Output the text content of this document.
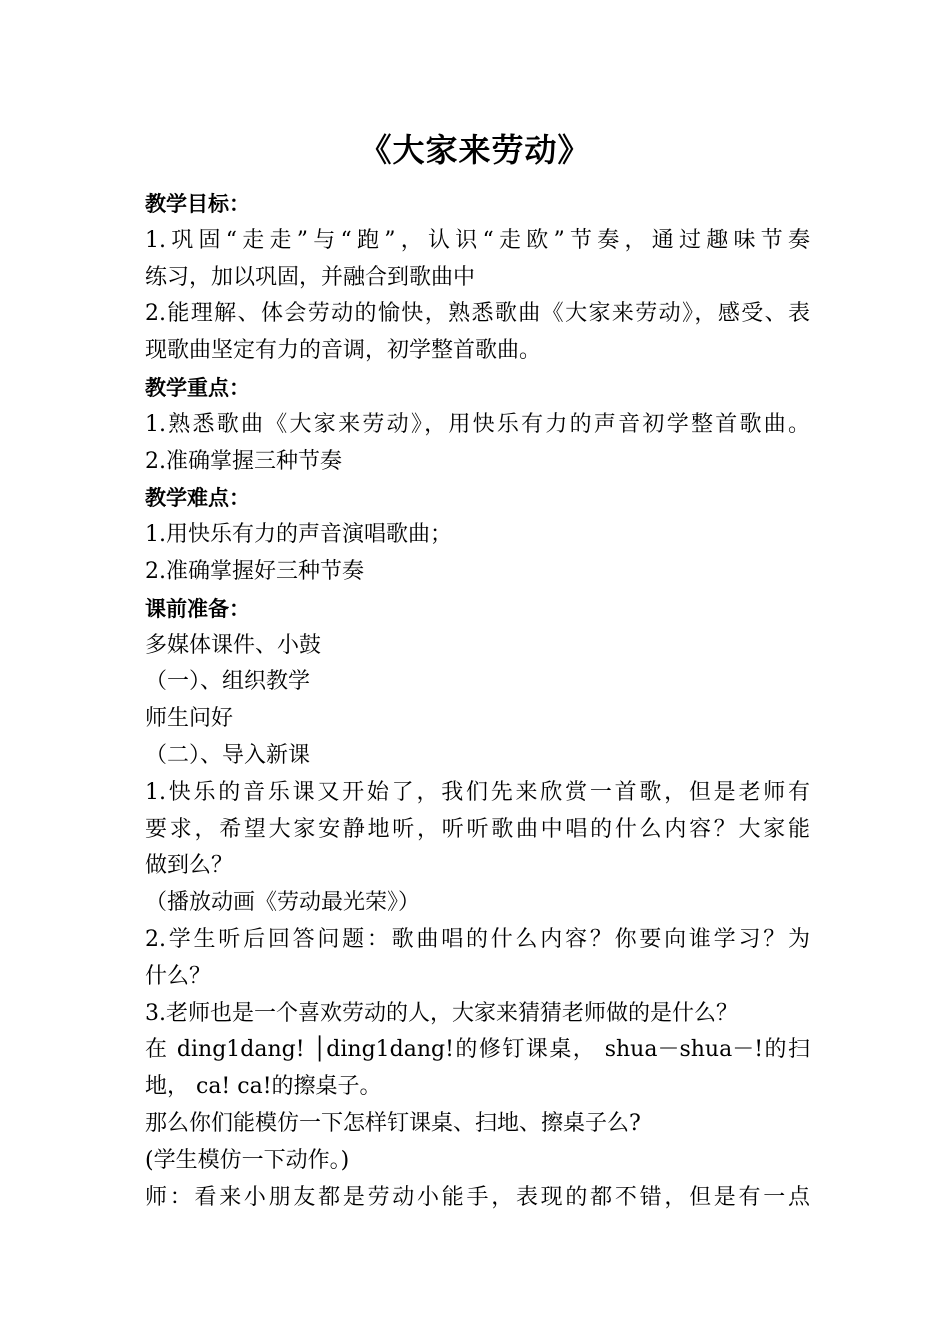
《大家来劳动》
教学目标：
1.巩固“走走”与“跑”，认识“走欧”节奏，通过趣味节奏
练习，加以巩固，并融合到歌曲中
2.能理解、体会劳动的愉快，熟悉歌曲《大家来劳动》，感受、表
现歌曲坚定有力的音调，初学整首歌曲。
教学重点：
1.熟悉歌曲《大家来劳动》，用快乐有力的声音初学整首歌曲。
2.准确掌握三种节奏
教学难点：
1.用快乐有力的声音演唱歌曲；
2.准确掌握好三种节奏
课前准备：
多媒体课件、小鼓
（一）、组织教学
师生问好
（二）、导入新课
1.快乐的音乐课又开始了，我们先来欣赏一首歌，但是老师有
要求，希望大家安静地听，听听歌曲中唱的什么内容？大家能
做到么？
（播放动画《劳动最光荣》）
2.学生听后回答问题：歌曲唱的什么内容？你要向谁学习？为
什么？
3.老师也是一个喜欢劳动的人，大家来猜猜老师做的是什么？
在 ding1dang! │ding1dang!的修钉课桌， shua－shua－!的扫
地， ca! ca!的擦桌子。
那么你们能模仿一下怎样钉课桌、扫地、擦桌子么?
(学生模仿一下动作。)
师：看来小朋友都是劳动小能手，表现的都不错，但是有一点
